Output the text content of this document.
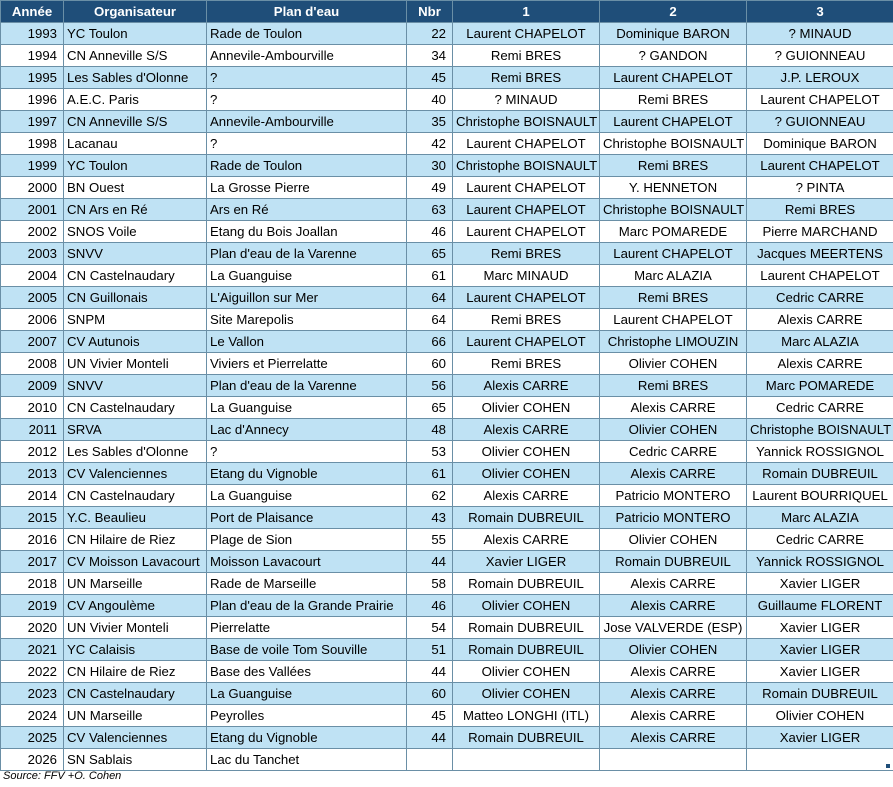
Année	Organisateur	Plan d'eau	Nbr	1	2	3
1993	YC Toulon	Rade de Toulon	22	Laurent CHAPELOT	Dominique BARON	? MINAUD
1994	CN Anneville S/S	Annevile-Ambourville	34	Remi BRES	? GANDON	? GUIONNEAU
1995	Les Sables d'Olonne	?	45	Remi BRES	Laurent CHAPELOT	J.P. LEROUX
1996	A.E.C. Paris	?	40	? MINAUD	Remi BRES	Laurent CHAPELOT
1997	CN Anneville S/S	Annevile-Ambourville	35	Christophe BOISNAULT	Laurent CHAPELOT	? GUIONNEAU
1998	Lacanau	?	42	Laurent CHAPELOT	Christophe BOISNAULT	Dominique BARON
1999	YC Toulon	Rade de Toulon	30	Christophe BOISNAULT	Remi BRES	Laurent CHAPELOT
2000	BN Ouest	La Grosse Pierre	49	Laurent CHAPELOT	Y. HENNETON	? PINTA
2001	CN Ars en Ré	Ars en Ré	63	Laurent CHAPELOT	Christophe BOISNAULT	Remi BRES
2002	SNOS Voile	Etang du Bois Joallan	46	Laurent CHAPELOT	Marc POMAREDE	Pierre MARCHAND
2003	SNVV	Plan d'eau de la Varenne	65	Remi BRES	Laurent CHAPELOT	Jacques MEERTENS
2004	CN Castelnaudary	La Guanguise	61	Marc MINAUD	Marc ALAZIA	Laurent CHAPELOT
2005	CN Guillonais	L'Aiguillon sur Mer	64	Laurent CHAPELOT	Remi BRES	Cedric CARRE
2006	SNPM	Site Marepolis	64	Remi BRES	Laurent CHAPELOT	Alexis CARRE
2007	CV Autunois	Le Vallon	66	Laurent CHAPELOT	Christophe LIMOUZIN	Marc ALAZIA
2008	UN Vivier Monteli	Viviers et Pierrelatte	60	Remi BRES	Olivier COHEN	Alexis CARRE
2009	SNVV	Plan d'eau de la Varenne	56	Alexis CARRE	Remi BRES	Marc POMAREDE
2010	CN Castelnaudary	La Guanguise	65	Olivier COHEN	Alexis CARRE	Cedric CARRE
2011	SRVA	Lac d'Annecy	48	Alexis CARRE	Olivier COHEN	Christophe BOISNAULT
2012	Les Sables d'Olonne	?	53	Olivier COHEN	Cedric CARRE	Yannick ROSSIGNOL
2013	CV Valenciennes	Etang du Vignoble	61	Olivier COHEN	Alexis CARRE	Romain DUBREUIL
2014	CN Castelnaudary	La Guanguise	62	Alexis CARRE	Patricio MONTERO	Laurent BOURRIQUEL
2015	Y.C. Beaulieu	Port de Plaisance	43	Romain DUBREUIL	Patricio MONTERO	Marc ALAZIA
2016	CN Hilaire de Riez	Plage de Sion	55	Alexis CARRE	Olivier COHEN	Cedric CARRE
2017	CV Moisson Lavacourt	Moisson Lavacourt	44	Xavier LIGER	Romain DUBREUIL	Yannick ROSSIGNOL
2018	UN Marseille	Rade de Marseille	58	Romain DUBREUIL	Alexis CARRE	Xavier LIGER
2019	CV Angoulème	Plan d'eau de la Grande Prairie	46	Olivier COHEN	Alexis CARRE	Guillaume FLORENT
2020	UN Vivier Monteli	Pierrelatte	54	Romain DUBREUIL	Jose VALVERDE (ESP)	Xavier LIGER
2021	YC Calaisis	Base de voile Tom Souville	51	Romain DUBREUIL	Olivier COHEN	Xavier LIGER
2022	CN Hilaire de Riez	Base des Vallées	44	Olivier COHEN	Alexis CARRE	Xavier LIGER
2023	CN Castelnaudary	La Guanguise	60	Olivier COHEN	Alexis CARRE	Romain DUBREUIL
2024	UN Marseille	Peyrolles	45	Matteo LONGHI (ITL)	Alexis CARRE	Olivier COHEN
2025	CV Valenciennes	Etang du Vignoble	44	Romain DUBREUIL	Alexis CARRE	Xavier LIGER
2026	SN Sablais	Lac du Tanchet				
Source: FFV +O. Cohen
